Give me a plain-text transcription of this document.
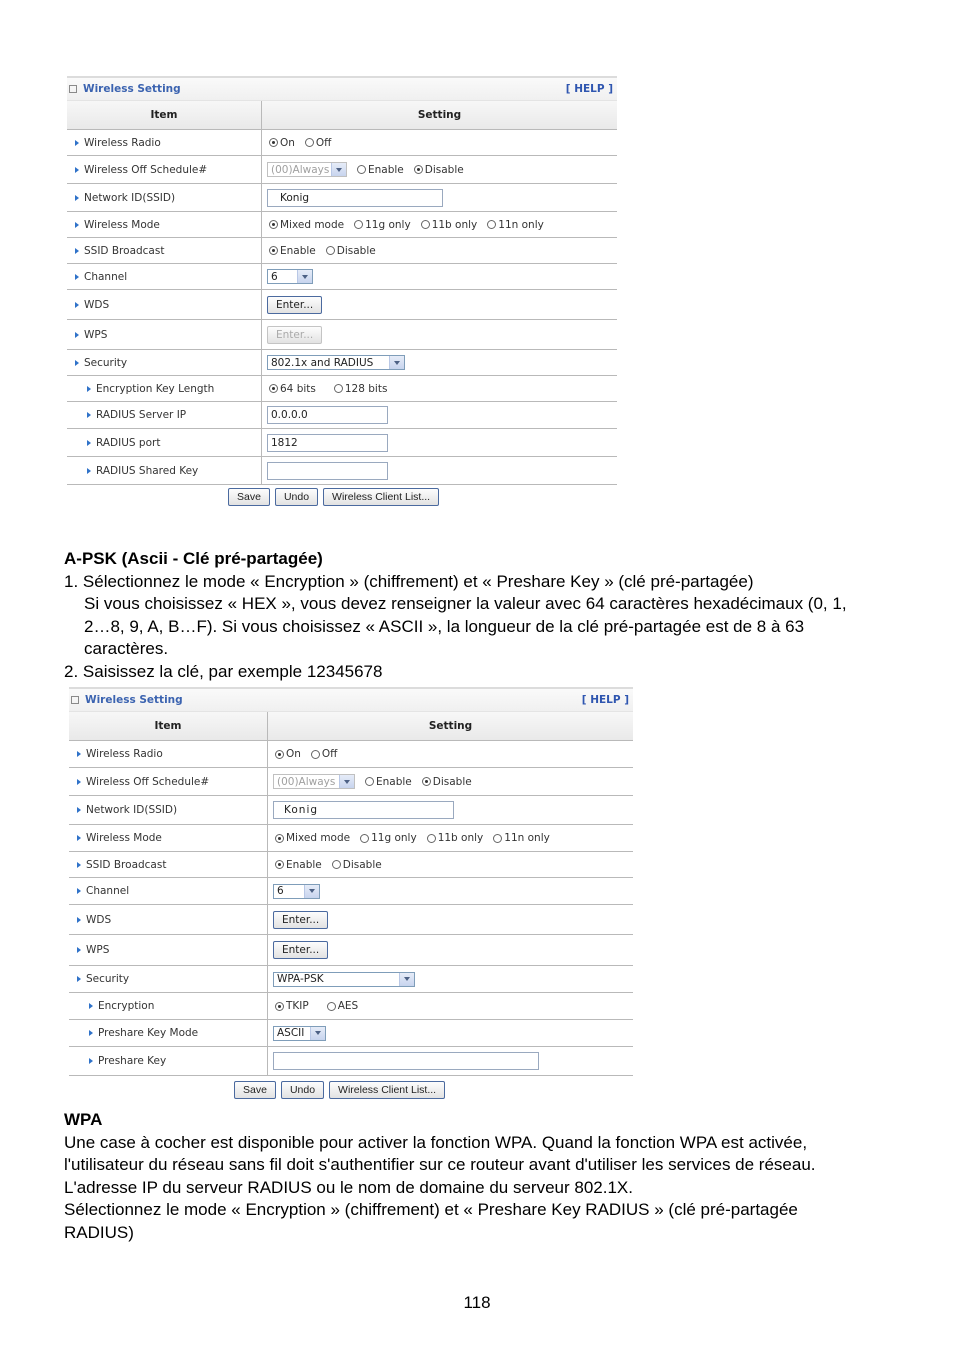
Wireless Setting	[ HELP ]
Item	Setting

Wireless Radio	On Off

Wireless Off Schedule#	(00)Always Enable Disable

Network ID(SSID)	Konig

Wireless Mode	Mixed mode 11g only 11b only 11n only

SSID Broadcast	Enable Disable

Channel	6

WDS	Enter...

WPS	Enter...

Security	802.1x and RADIUS

Encryption Key Length	64 bits 128 bits

RADIUS Server IP	0.0.0.0

RADIUS port	1812

RADIUS Shared Key	

Save	Undo	Wireless Client List...
A-PSK (Ascii - Clé pré-partagée)
1. Sélectionnez le mode « Encryption » (chiffrement) et « Preshare Key » (clé pré-partagée)
Si vous choisissez « HEX », vous devez renseigner la valeur avec 64 caractères hexadécimaux (0, 1,
2…8, 9, A, B…F). Si vous choisissez « ASCII », la longueur de la clé pré-partagée est de 8 à 63
caractères.
2. Saisissez la clé, par exemple 12345678
Wireless Setting	[ HELP ]
Item	Setting

Wireless Radio	On Off

Wireless Off Schedule#	(00)Always Enable Disable

Network ID(SSID)	Konig

Wireless Mode	Mixed mode 11g only 11b only 11n only

SSID Broadcast	Enable Disable

Channel	6

WDS	Enter...

WPS	Enter...

Security	WPA-PSK

Encryption	TKIP AES

Preshare Key Mode	ASCII

Preshare Key	

Save	Undo	Wireless Client List...
WPA
Une case à cocher est disponible pour activer la fonction WPA. Quand la fonction WPA est activée,
l'utilisateur du réseau sans fil doit s'authentifier sur ce routeur avant d'utiliser les services de réseau.
L'adresse IP du serveur RADIUS ou le nom de domaine du serveur 802.1X.
Sélectionnez le mode « Encryption » (chiffrement) et « Preshare Key RADIUS » (clé pré-partagée
RADIUS)
118
